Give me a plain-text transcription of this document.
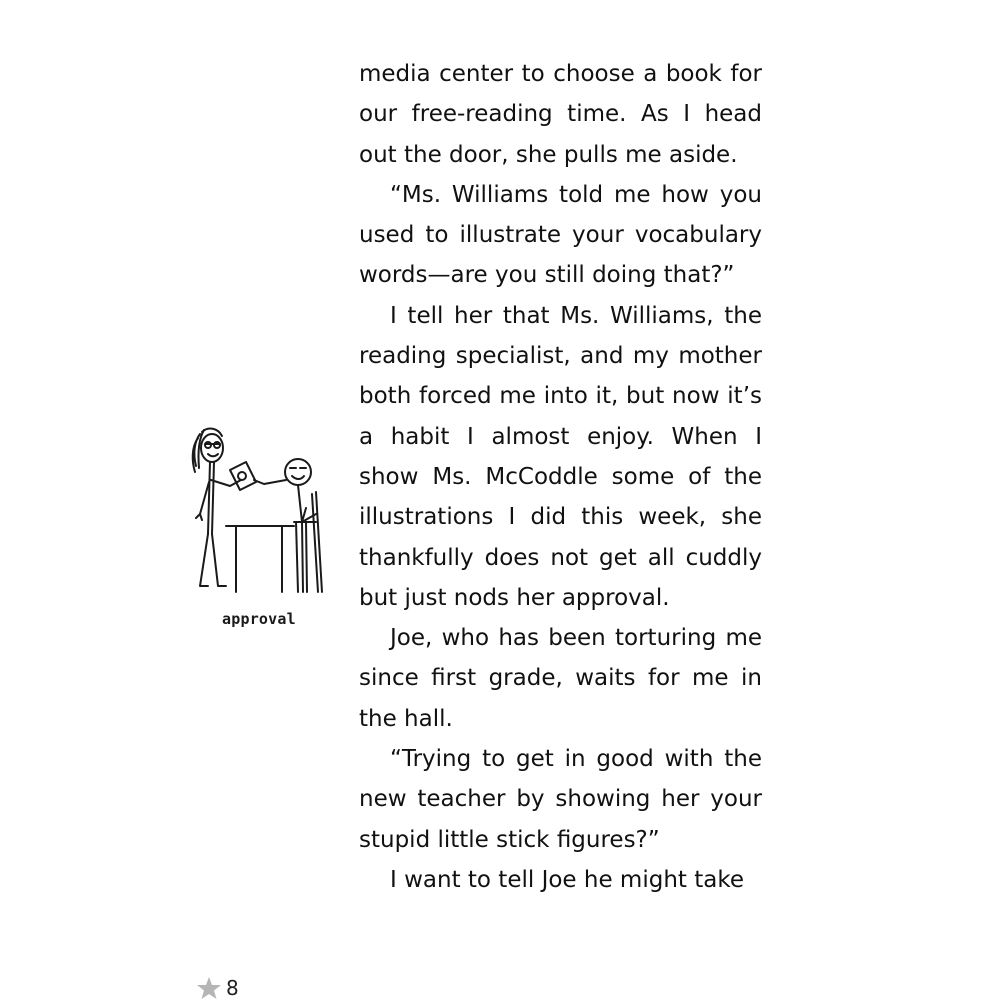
media center to choose a book for our free-reading time. As I head out the door, she pulls me aside.

“Ms. Williams told me how you used to illustrate your vocabulary words—are you still doing that?”

I tell her that Ms. Williams, the reading specialist, and my mother both forced me into it, but now it’s a habit I almost enjoy. When I show Ms. McCoddle some of the illustrations I did this week, she thankfully does not get all cuddly but just nods her approval.

Joe, who has been torturing me since first grade, waits for me in the hall.

“Trying to get in good with the new teacher by showing her your stupid little stick figures?”

I want to tell Joe he might take

approval
8
